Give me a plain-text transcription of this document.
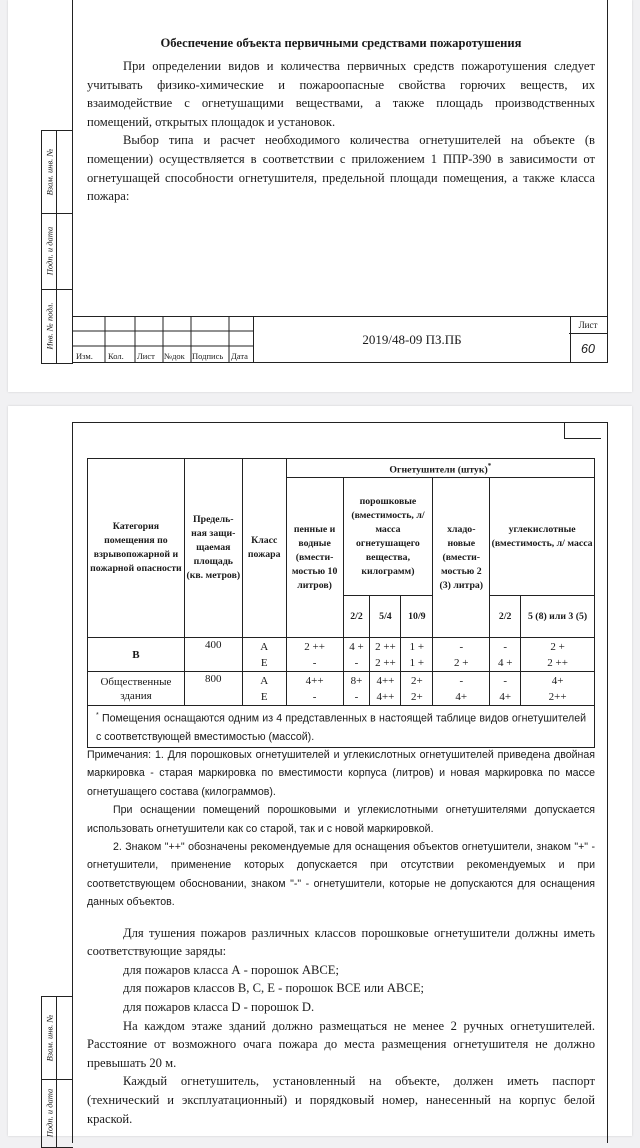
Взам. инв. №
Подп. и дата
Инв. № подл.
Обеспечение объекта первичными средствами пожаротушения

При определении видов и количества первичных средств пожаротушения следует учитывать физико-химические и пожароопасные свойства горючих веществ, их взаимодействие с огнетушащими веществами, а также площадь производственных помещений, открытых площадок и установок.

Выбор типа и расчет необходимого количества огнетушителей на объекте (в помещении) осуществляется в соответствии с приложением 1 ППР-390 в зависимости от огнетушащей способности огнетушителя, предельной площади помещения, а также класса пожара:

Изм. Кол. Лист №док Подпись Дата
2019/48-09 ПЗ.ПБ
Лист
60
Взам. инв. №
Подп. и дата
Категория помещения по взрывопожарной и пожарной опасности	Предель-ная защи-щаемая площадь (кв. метров)	Класс пожара	Огнетушители (штук)*
			пенные и водные (вмести-мостью 10 литров)	порошковые (вместимость, л/ масса огнетушащего вещества, килограмм)			хладо-новые (вмести-мостью 2 (3) литра)	углекислотные (вместимость, л/ масса	
				2/2	5/4	10/9		2/2	5 (8) или 3 (5)
В	400	А	2 ++	4 +	2 ++	1 +	-	-	2 +
		Е	-	-	2 ++	1 +	2 +	4 +	2 ++
Общественные здания	800	А	4++	8+	4++	2+	-	-	4+
		Е	-	-	4++	2+	4+	4+	2++
* Помещения оснащаются одним из 4 представленных в настоящей таблице видов огнетушителей с соответствующей вместимостью (массой).									

Примечания: 1. Для порошковых огнетушителей и углекислотных огнетушителей приведена двойная маркировка - старая маркировка по вместимости корпуса (литров) и новая маркировка по массе огнетушащего состава (килограммов).

При оснащении помещений порошковыми и углекислотными огнетушителями допускается использовать огнетушители как со старой, так и с новой маркировкой.

2. Знаком "++" обозначены рекомендуемые для оснащения объектов огнетушители, знаком "+" - огнетушители, применение которых допускается при отсутствии рекомендуемых и при соответствующем обосновании, знаком "-" - огнетушители, которые не допускаются для оснащения данных объектов.

Для тушения пожаров различных классов порошковые огнетушители должны иметь соответствующие заряды:

для пожаров класса А - порошок АВСЕ;

для пожаров классов В, С, Е - порошок ВСЕ или АВСЕ;

для пожаров класса D - порошок D.

На каждом этаже зданий должно размещаться не менее 2 ручных огнетушителей. Расстояние от возможного очага пожара до места размещения огнетушителя не должно превышать 20 м.

Каждый огнетушитель, установленный на объекте, должен иметь паспорт (технический и эксплуатационный) и порядковый номер, нанесенный на корпус белой краской.
